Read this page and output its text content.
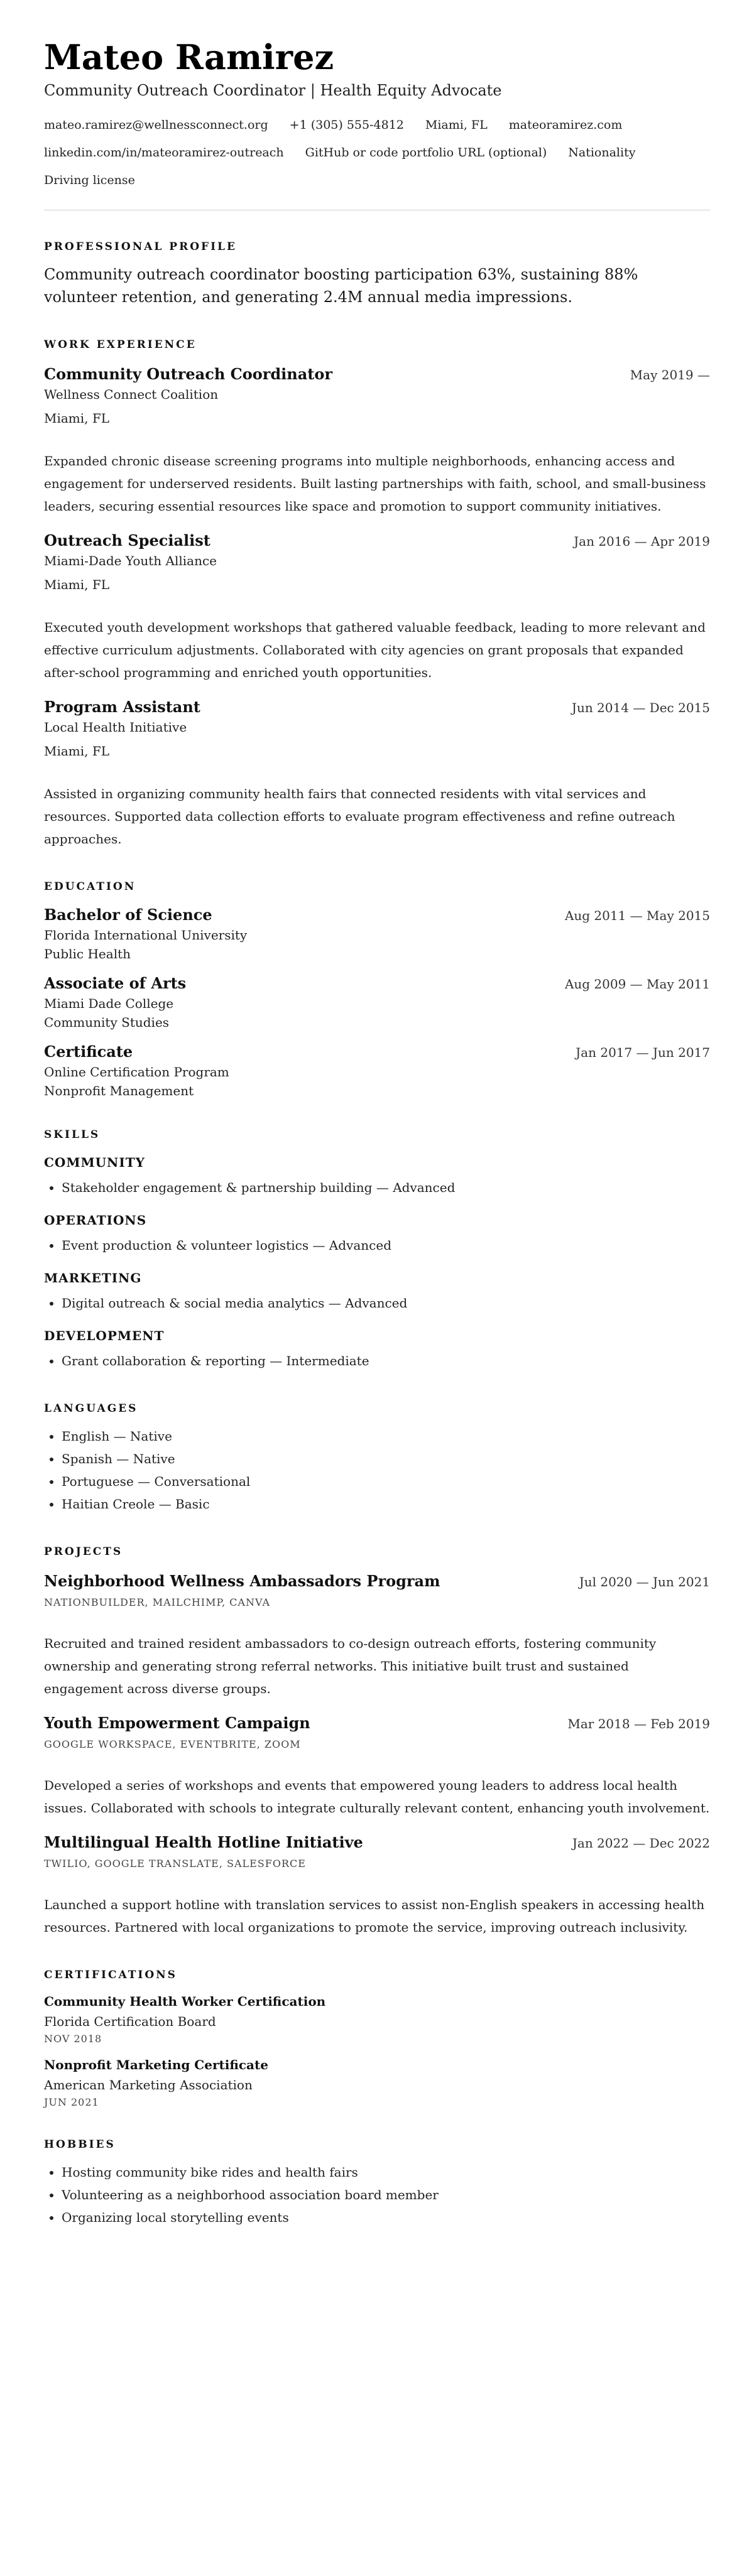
Mateo Ramirez
Community Outreach Coordinator | Health Equity Advocate
mateo.ramirez@wellnessconnect.org +1 (305) 555-4812 Miami, FL mateoramirez.com
linkedin.com/in/mateoramirez-outreach GitHub or code portfolio URL (optional) Nationality
Driving license
PROFESSIONAL PROFILE
Community outreach coordinator boosting participation 63%, sustaining 88% volunteer retention, and generating 2.4M annual media impressions.
WORK EXPERIENCE
Community Outreach Coordinator	May 2019 —
Wellness Connect Coalition
Miami, FL
Expanded chronic disease screening programs into multiple neighborhoods, enhancing access and engagement for underserved residents. Built lasting partnerships with faith, school, and small-business leaders, securing essential resources like space and promotion to support community initiatives.
Outreach Specialist	Jan 2016 — Apr 2019
Miami-Dade Youth Alliance
Miami, FL
Executed youth development workshops that gathered valuable feedback, leading to more relevant and effective curriculum adjustments. Collaborated with city agencies on grant proposals that expanded after-school programming and enriched youth opportunities.
Program Assistant	Jun 2014 — Dec 2015
Local Health Initiative
Miami, FL
Assisted in organizing community health fairs that connected residents with vital services and resources. Supported data collection efforts to evaluate program effectiveness and refine outreach approaches.
EDUCATION
Bachelor of Science	Aug 2011 — May 2015
Florida International University
Public Health
Associate of Arts	Aug 2009 — May 2011
Miami Dade College
Community Studies
Certificate	Jan 2017 — Jun 2017
Online Certification Program
Nonprofit Management
SKILLS
COMMUNITY
• Stakeholder engagement & partnership building — Advanced
OPERATIONS
• Event production & volunteer logistics — Advanced
MARKETING
• Digital outreach & social media analytics — Advanced
DEVELOPMENT
• Grant collaboration & reporting — Intermediate
LANGUAGES
• English — Native
• Spanish — Native
• Portuguese — Conversational
• Haitian Creole — Basic
PROJECTS
Neighborhood Wellness Ambassadors Program	Jul 2020 — Jun 2021
NATIONBUILDER, MAILCHIMP, CANVA
Recruited and trained resident ambassadors to co-design outreach efforts, fostering community ownership and generating strong referral networks. This initiative built trust and sustained engagement across diverse groups.
Youth Empowerment Campaign	Mar 2018 — Feb 2019
GOOGLE WORKSPACE, EVENTBRITE, ZOOM
Developed a series of workshops and events that empowered young leaders to address local health issues. Collaborated with schools to integrate culturally relevant content, enhancing youth involvement.
Multilingual Health Hotline Initiative	Jan 2022 — Dec 2022
TWILIO, GOOGLE TRANSLATE, SALESFORCE
Launched a support hotline with translation services to assist non-English speakers in accessing health resources. Partnered with local organizations to promote the service, improving outreach inclusivity.
CERTIFICATIONS
Community Health Worker Certification
Florida Certification Board
NOV 2018
Nonprofit Marketing Certificate
American Marketing Association
JUN 2021
HOBBIES
• Hosting community bike rides and health fairs
• Volunteering as a neighborhood association board member
• Organizing local storytelling events
